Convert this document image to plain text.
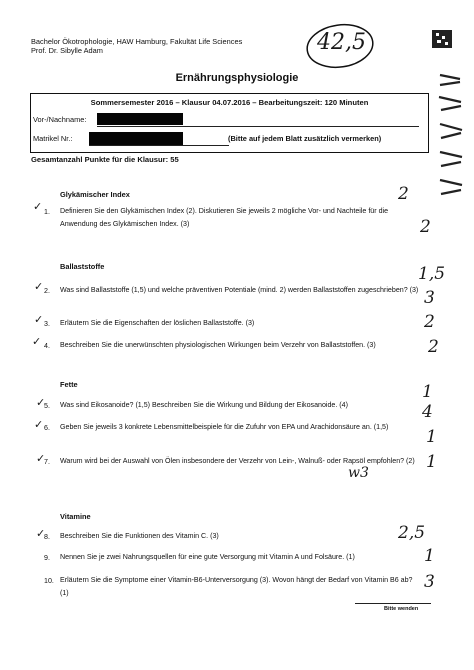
Bachelor Ökotrophologie, HAW Hamburg, Fakultät Life Sciences
Prof. Dr. Sibylle Adam	42,5
Ernährungsphysiologie
Sommersemester 2016 – Klausur 04.07.2016 – Bearbeitungszeit: 120 Minuten
Vor-/Nachname:
Matrikel Nr.:	(Bitte auf jedem Blatt zusätzlich vermerken)
Gesamtanzahl Punkte für die Klausur: 55
Glykämischer Index
1. Definieren Sie den Glykämischen Index (2). Diskutieren Sie jeweils 2 mögliche Vor- und Nachteile für die Anwendung des Glykämischen Index. (3)
2
2
✓
Ballaststoffe
2. Was sind Ballaststoffe (1,5) und welche präventiven Potentiale (mind. 2) werden Ballaststoffen zugeschrieben? (3)
1,5
3
✓
3. Erläutern Sie die Eigenschaften der löslichen Ballaststoffe. (3)	2
✓
4. Beschreiben Sie die unerwünschten physiologischen Wirkungen beim Verzehr von Ballaststoffen. (3)	2
✓
Fette
5. Was sind Eikosanoide? (1,5) Beschreiben Sie die Wirkung und Bildung der Eikosanoide. (4)
1
4
✓
6. Geben Sie jeweils 3 konkrete Lebensmittelbeispiele für die Zufuhr von EPA und Arachidonsäure an. (1,5)	1
✓
7. Warum wird bei der Auswahl von Ölen insbesondere der Verzehr von Lein-, Walnuß- oder Rapsöl empfohlen? (2) 1
w3
✓
Vitamine
8. Beschreiben Sie die Funktionen des Vitamin C. (3)	2,5
✓
9. Nennen Sie je zwei Nahrungsquellen für eine gute Versorgung mit Vitamin A und Folsäure. (1)	1
10. Erläutern Sie die Symptome einer Vitamin-B6-Unterversorgung (3). Wovon hängt der Bedarf von Vitamin B6 ab? (1)
3
Bitte wenden
